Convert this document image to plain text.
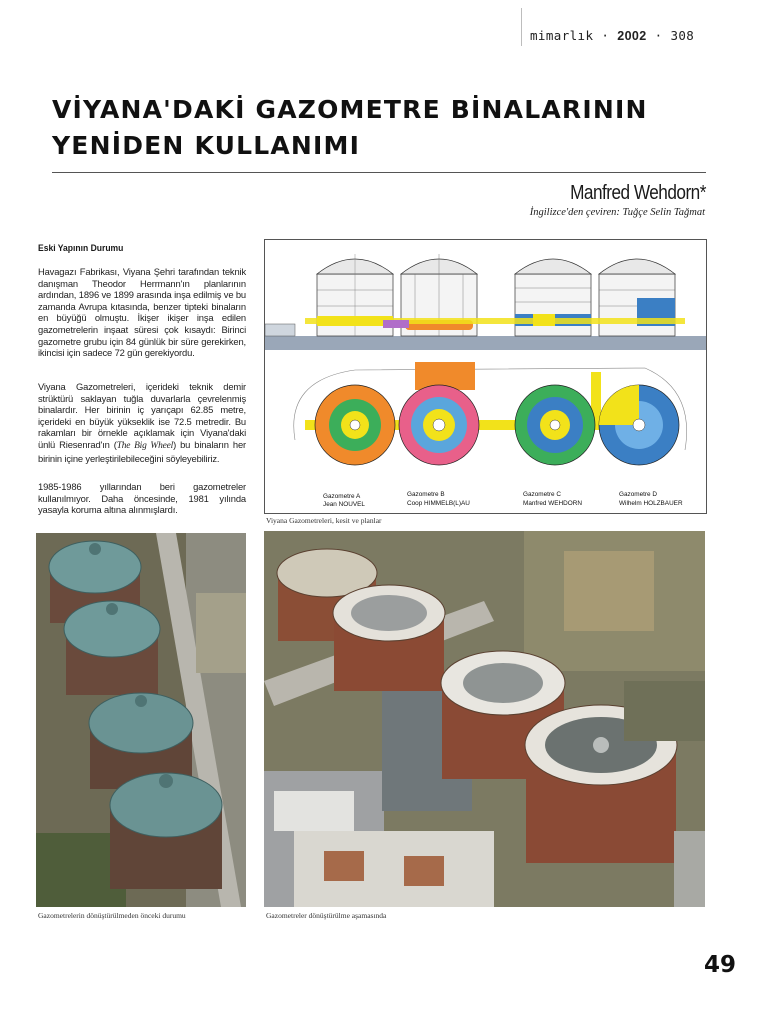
mimarlık · 2002 · 308
VİYANA'DAKİ GAZOMETRE BİNALARININ
YENİDEN KULLANIMI
Manfred Wehdorn*
İngilizce'den çeviren: Tuğçe Selin Tağmat
Eski Yapının Durumu

Havagazı Fabrikası, Viyana Şehri tarafından teknik danışman Theodor Herrmann'ın planlarının ardından, 1896 ve 1899 arasında inşa edilmiş ve bu zamanda Avrupa kıtasında, benzer tipteki binaların en büyüğü olmuştu. İkişer ikişer inşa edilen gazometrelerin inşaat süresi çok kısaydı: Birinci gazometre grubu için 84 günlük bir süre gerekirken, ikincisi için sadece 72 gün gerekiyordu.

Viyana Gazometreleri, içerideki teknik demir strüktürü saklayan tuğla duvarlarla çevrelenmiş binalardır. Her birinin iç yarıçapı 62.85 metre, içerideki en büyük yükseklik ise 72.5 metredir. Bu rakamları bir örnekle açıklamak için Viyana'daki ünlü Riesenrad'ın (The Big Wheel) bu binaların her birinin içine yerleştirilebileceğini söyleyebiliriz.

1985-1986 yıllarından beri gazometreler kullanılmıyor. Daha öncesinde, 1981 yılında yasayla koruma altına alınmışlardı.

Gazometre A
Jean NOUVEL
Gazometre B
Coop HIMMELB(L)AU
Gazometre C
Manfred WEHDORN
Gazometre D
Wilhelm HOLZBAUER
Viyana Gazometreleri, kesit ve planlar
Gazometrelerin dönüştürülmeden önceki durumu	Gazometreler dönüştürülme aşamasında
49
